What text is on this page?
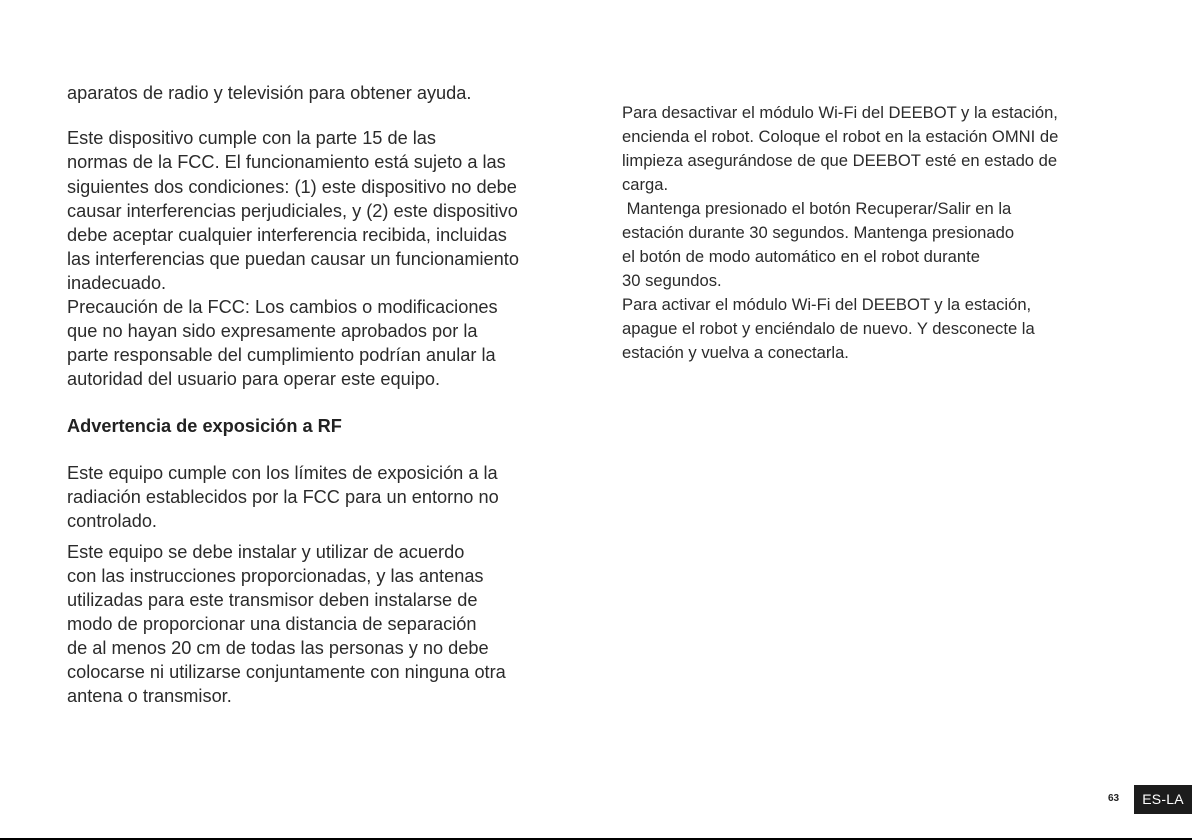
aparatos de radio y televisión para obtener ayuda.
Este dispositivo cumple con la parte 15 de las
normas de la FCC. El funcionamiento está sujeto a las
siguientes dos condiciones: (1) este dispositivo no debe
causar interferencias perjudiciales, y (2) este dispositivo
debe aceptar cualquier interferencia recibida, incluidas
las interferencias que puedan causar un funcionamiento
inadecuado.
Precaución de la FCC: Los cambios o modificaciones
que no hayan sido expresamente aprobados por la
parte responsable del cumplimiento podrían anular la
autoridad del usuario para operar este equipo.
Advertencia de exposición a RF
Este equipo cumple con los límites de exposición a la
radiación establecidos por la FCC para un entorno no
controlado.
Este equipo se debe instalar y utilizar de acuerdo
con las instrucciones proporcionadas, y las antenas
utilizadas para este transmisor deben instalarse de
modo de proporcionar una distancia de separación
de al menos 20 cm de todas las personas y no debe
colocarse ni utilizarse conjuntamente con ninguna otra
antena o transmisor.
Para desactivar el módulo Wi-Fi del DEEBOT y la estación,
encienda el robot. Coloque el robot en la estación OMNI de
limpieza asegurándose de que DEEBOT esté en estado de
carga.
Mantenga presionado el botón Recuperar/Salir en la
estación durante 30 segundos. Mantenga presionado
el botón de modo automático en el robot durante
30 segundos.
Para activar el módulo Wi-Fi del DEEBOT y la estación,
apague el robot y enciéndalo de nuevo. Y desconecte la
estación y vuelva a conectarla.
63	ES-LA
